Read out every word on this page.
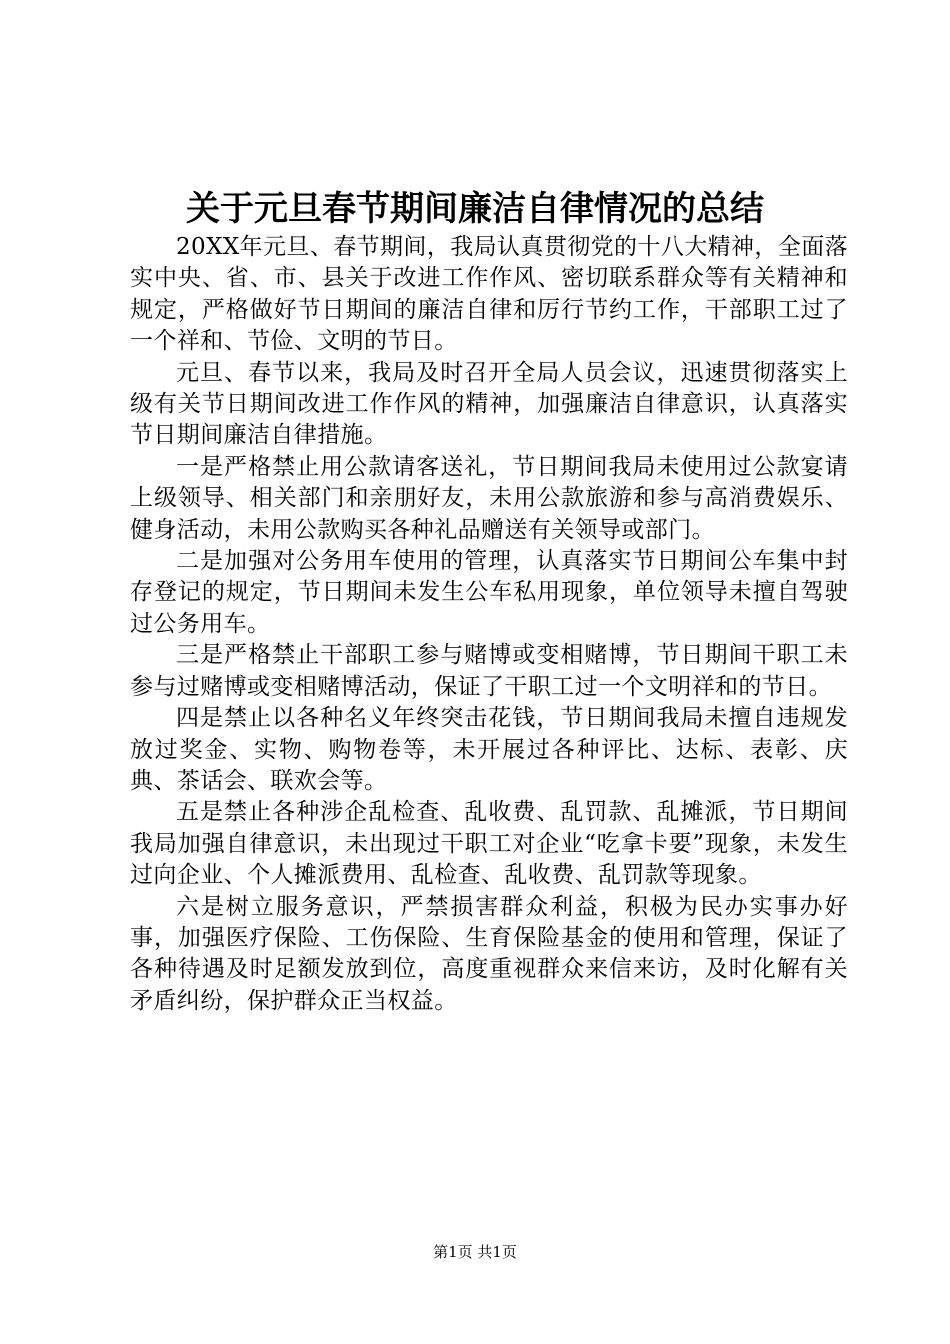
关于元旦春节期间廉洁自律情况的总结

20XX年元旦、春节期间，我局认真贯彻党的十八大精神，全面落实中央、省、市、县关于改进工作作风、密切联系群众等有关精神和规定，严格做好节日期间的廉洁自律和厉行节约工作，干部职工过了一个祥和、节俭、文明的节日。

元旦、春节以来，我局及时召开全局人员会议，迅速贯彻落实上级有关节日期间改进工作作风的精神，加强廉洁自律意识，认真落实节日期间廉洁自律措施。

一是严格禁止用公款请客送礼，节日期间我局未使用过公款宴请上级领导、相关部门和亲朋好友，未用公款旅游和参与高消费娱乐、健身活动，未用公款购买各种礼品赠送有关领导或部门。

二是加强对公务用车使用的管理，认真落实节日期间公车集中封存登记的规定，节日期间未发生公车私用现象，单位领导未擅自驾驶过公务用车。

三是严格禁止干部职工参与赌博或变相赌博，节日期间干职工未参与过赌博或变相赌博活动，保证了干职工过一个文明祥和的节日。

四是禁止以各种名义年终突击花钱，节日期间我局未擅自违规发放过奖金、实物、购物卷等，未开展过各种评比、达标、表彰、庆典、茶话会、联欢会等。

五是禁止各种涉企乱检查、乱收费、乱罚款、乱摊派，节日期间我局加强自律意识，未出现过干职工对企业“吃拿卡要”现象，未发生过向企业、个人摊派费用、乱检查、乱收费、乱罚款等现象。

六是树立服务意识，严禁损害群众利益，积极为民办实事办好事，加强医疗保险、工伤保险、生育保险基金的使用和管理，保证了各种待遇及时足额发放到位，高度重视群众来信来访，及时化解有关矛盾纠纷，保护群众正当权益。

第1页 共1页
